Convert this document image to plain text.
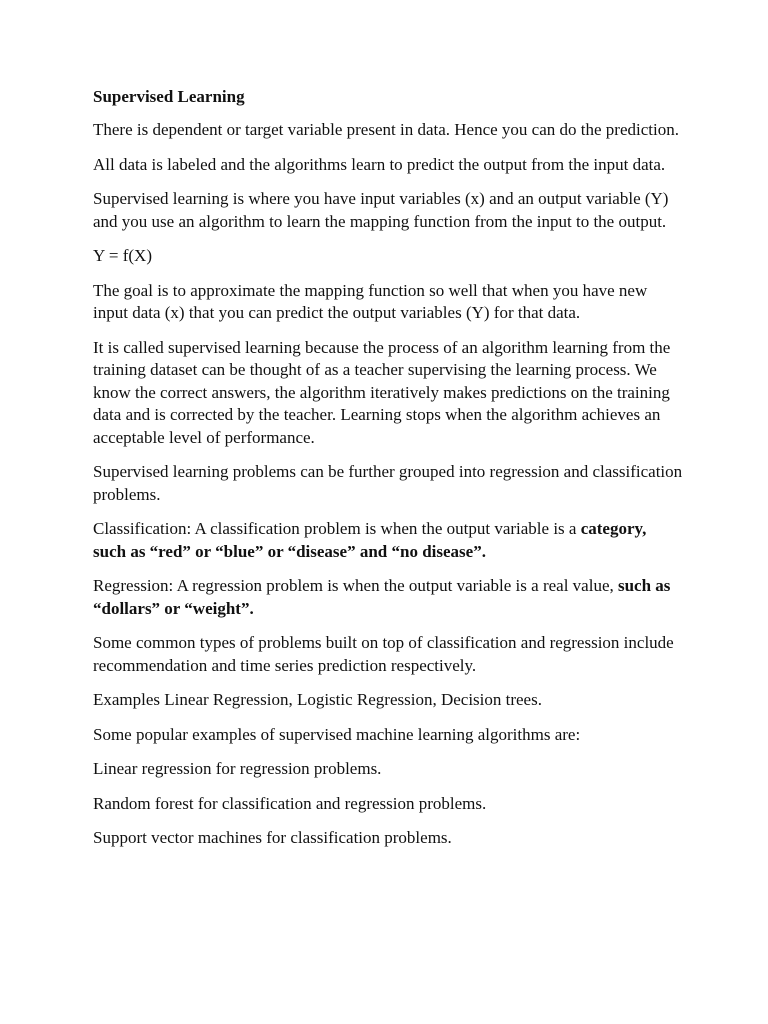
Supervised Learning

There is dependent or target variable present in data. Hence you can do the prediction.

All data is labeled and the algorithms learn to predict the output from the input data.

Supervised learning is where you have input variables (x) and an output variable (Y) and you use an algorithm to learn the mapping function from the input to the output.

Y = f(X)

The goal is to approximate the mapping function so well that when you have new input data (x) that you can predict the output variables (Y) for that data.

It is called supervised learning because the process of an algorithm learning from the training dataset can be thought of as a teacher supervising the learning process. We know the correct answers, the algorithm iteratively makes predictions on the training data and is corrected by the teacher. Learning stops when the algorithm achieves an acceptable level of performance.

Supervised learning problems can be further grouped into regression and classification problems.

Classification: A classification problem is when the output variable is a category, such as “red” or “blue” or “disease” and “no disease”.

Regression: A regression problem is when the output variable is a real value, such as “dollars” or “weight”.

Some common types of problems built on top of classification and regression include recommendation and time series prediction respectively.

Examples Linear Regression, Logistic Regression, Decision trees.

Some popular examples of supervised machine learning algorithms are:

Linear regression for regression problems.

Random forest for classification and regression problems.

Support vector machines for classification problems.
